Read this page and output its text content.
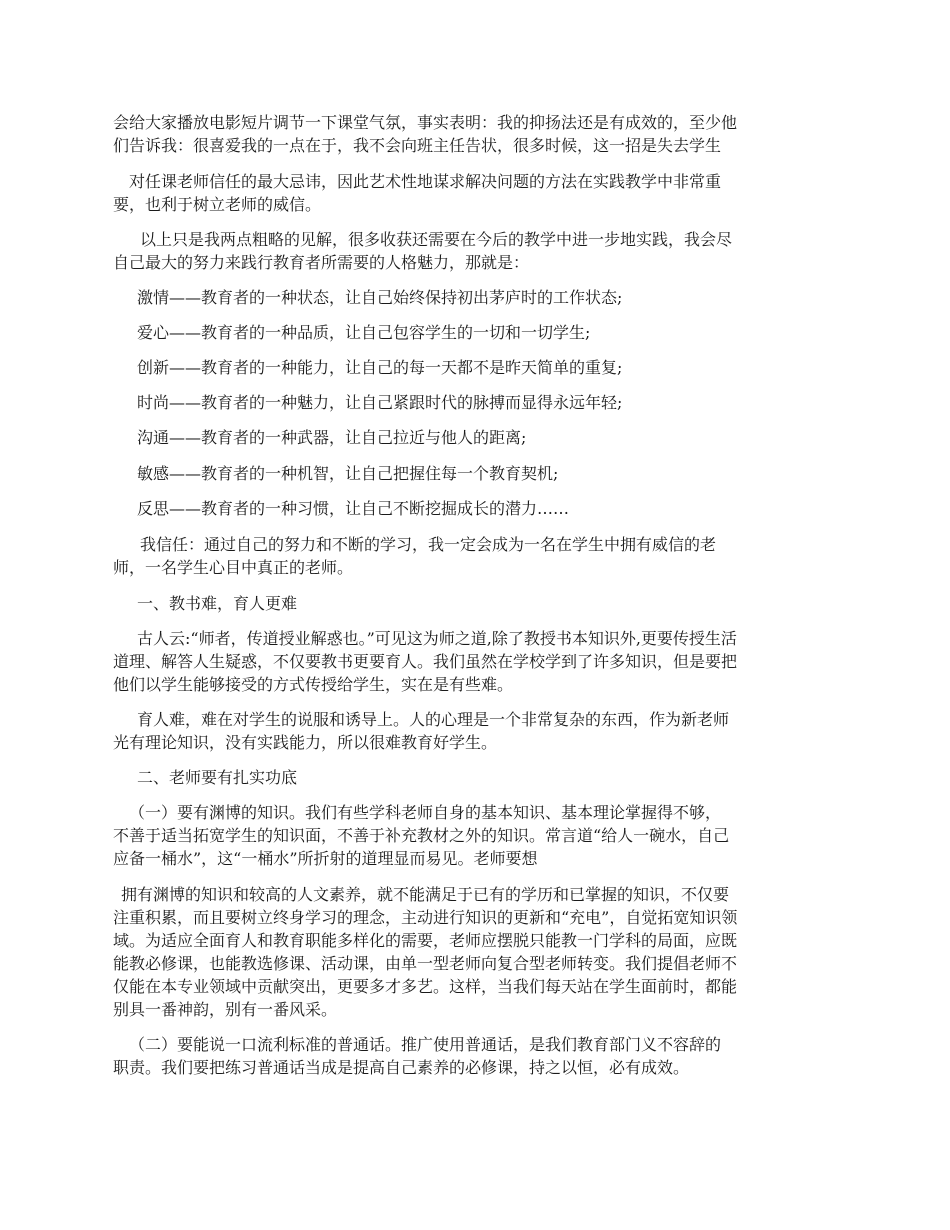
会给大家播放电影短片调节一下课堂气氛，事实表明：我的抑扬法还是有成效的，至少他
们告诉我：很喜爱我的一点在于，我不会向班主任告状，很多时候，这一招是失去学生
对任课老师信任的最大忌讳，因此艺术性地谋求解决问题的方法在实践教学中非常重
要，也利于树立老师的威信。
以上只是我两点粗略的见解，很多收获还需要在今后的教学中进一步地实践，我会尽
自己最大的努力来践行教育者所需要的人格魅力，那就是：
激情——教育者的一种状态，让自己始终保持初出茅庐时的工作状态;
爱心——教育者的一种品质，让自己包容学生的一切和一切学生;
创新——教育者的一种能力，让自己的每一天都不是昨天简单的重复;
时尚——教育者的一种魅力，让自己紧跟时代的脉搏而显得永远年轻;
沟通——教育者的一种武器，让自己拉近与他人的距离;
敏感——教育者的一种机智，让自己把握住每一个教育契机;
反思——教育者的一种习惯，让自己不断挖掘成长的潜力……
我信任：通过自己的努力和不断的学习，我一定会成为一名在学生中拥有威信的老
师，一名学生心目中真正的老师。
一、教书难，育人更难
古人云:“师者，传道授业解惑也。”可见这为师之道,除了教授书本知识外,更要传授生活
道理、解答人生疑惑，不仅要教书更要育人。我们虽然在学校学到了许多知识，但是要把
他们以学生能够接受的方式传授给学生，实在是有些难。
育人难，难在对学生的说服和诱导上。人的心理是一个非常复杂的东西，作为新老师
光有理论知识，没有实践能力，所以很难教育好学生。
二、老师要有扎实功底
（一）要有渊博的知识。我们有些学科老师自身的基本知识、基本理论掌握得不够，
不善于适当拓宽学生的知识面，不善于补充教材之外的知识。常言道“给人一碗水，自己
应备一桶水”，这“一桶水”所折射的道理显而易见。老师要想
拥有渊博的知识和较高的人文素养，就不能满足于已有的学历和已掌握的知识，不仅要
注重积累，而且要树立终身学习的理念，主动进行知识的更新和“充电”，自觉拓宽知识领
域。为适应全面育人和教育职能多样化的需要，老师应摆脱只能教一门学科的局面，应既
能教必修课，也能教选修课、活动课，由单一型老师向复合型老师转变。我们提倡老师不
仅能在本专业领域中贡献突出，更要多才多艺。这样，当我们每天站在学生面前时，都能
别具一番神韵，别有一番风采。
（二）要能说一口流利标准的普通话。推广使用普通话，是我们教育部门义不容辞的
职责。我们要把练习普通话当成是提高自己素养的必修课，持之以恒，必有成效。
